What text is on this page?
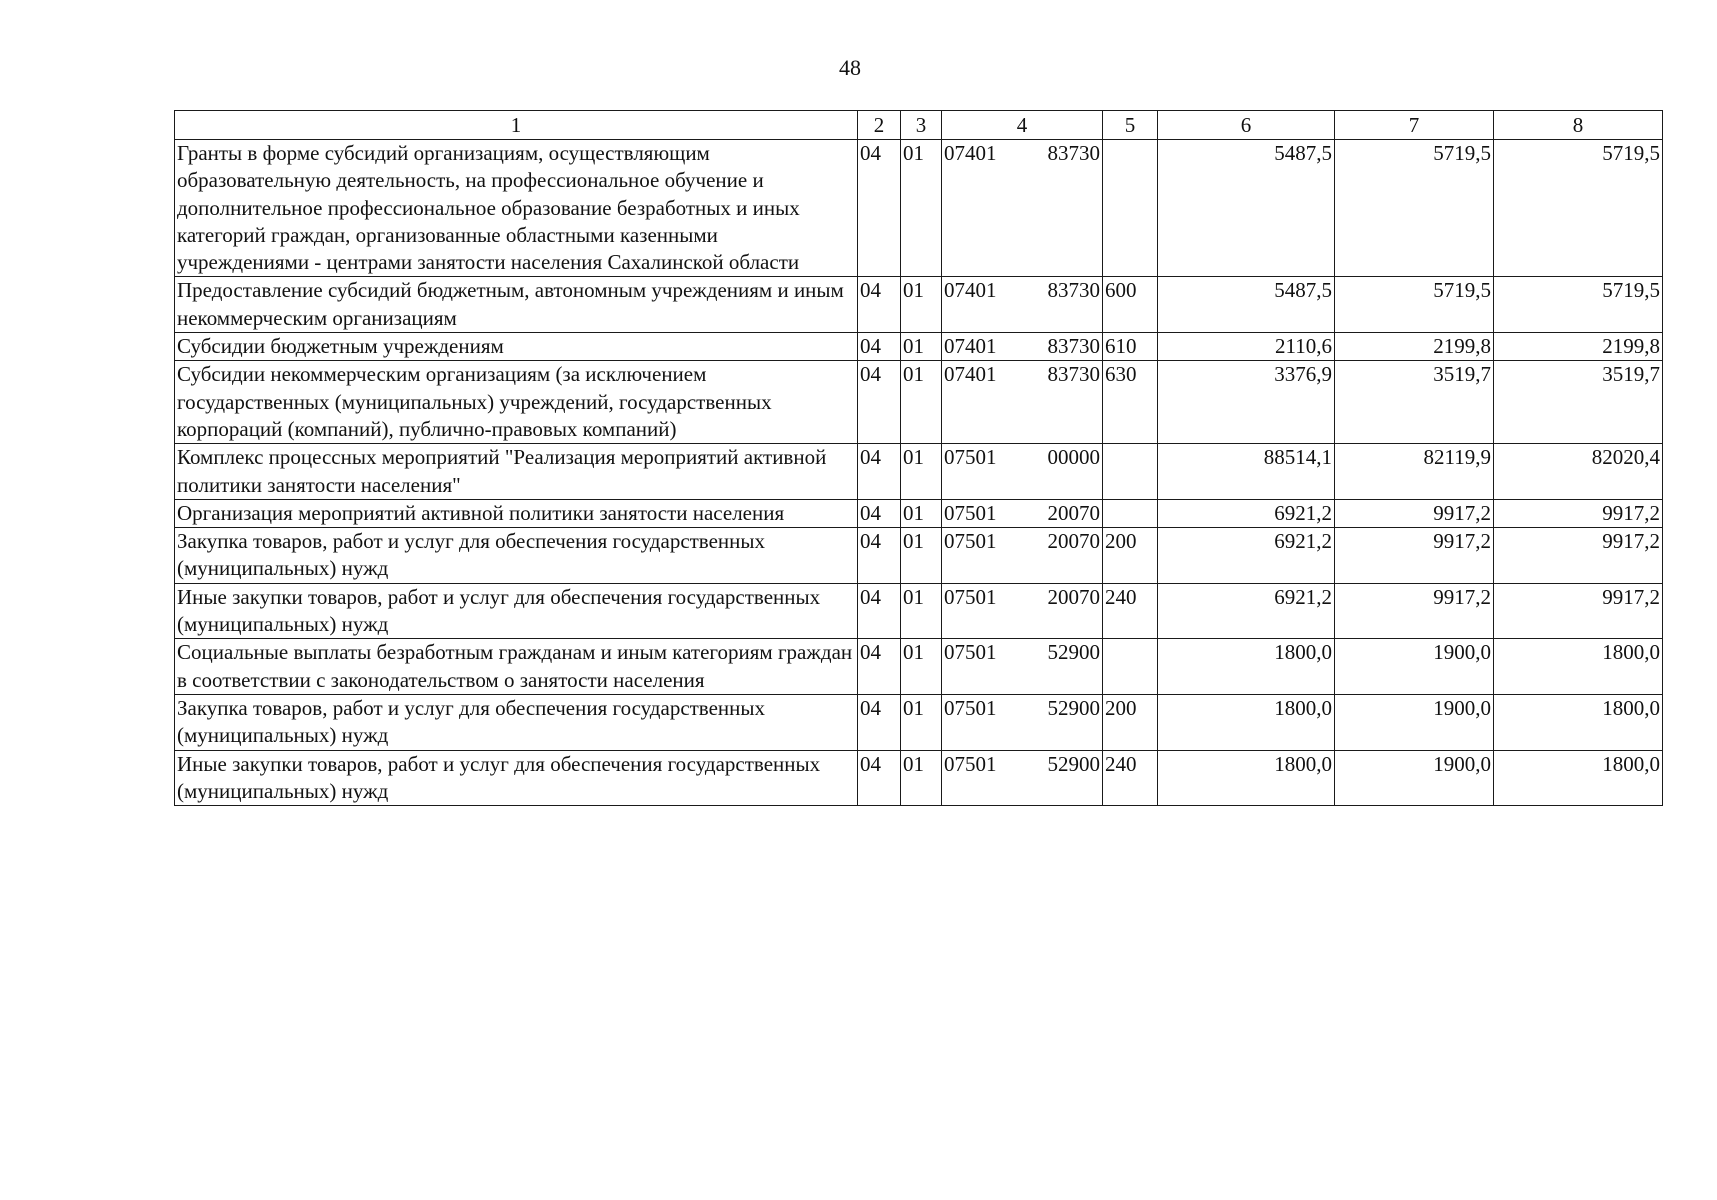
48
1	2	3	4	5	6	7	8
Гранты в форме субсидий организациям, осуществляющим образовательную деятельность, на профессиональное обучение и дополнительное профессиональное образование безработных и иных категорий граждан, организованные областными казенными учреждениями - центрами занятости населения Сахалинской области	04	01	07401 83730		5487,5	5719,5	5719,5
Предоставление субсидий бюджетным, автономным учреждениям и иным некоммерческим организациям	04	01	07401 83730	600	5487,5	5719,5	5719,5
Субсидии бюджетным учреждениям	04	01	07401 83730	610	2110,6	2199,8	2199,8
Субсидии некоммерческим организациям (за исключением государственных (муниципальных) учреждений, государственных корпораций (компаний), публично-правовых компаний)	04	01	07401 83730	630	3376,9	3519,7	3519,7
Комплекс процессных мероприятий "Реализация мероприятий активной политики занятости населения"	04	01	07501 00000		88514,1	82119,9	82020,4
Организация мероприятий активной политики занятости населения	04	01	07501 20070		6921,2	9917,2	9917,2
Закупка товаров, работ и услуг для обеспечения государственных (муниципальных) нужд	04	01	07501 20070	200	6921,2	9917,2	9917,2
Иные закупки товаров, работ и услуг для обеспечения государственных (муниципальных) нужд	04	01	07501 20070	240	6921,2	9917,2	9917,2
Социальные выплаты безработным гражданам и иным категориям граждан в соответствии с законодательством о занятости населения	04	01	07501 52900		1800,0	1900,0	1800,0
Закупка товаров, работ и услуг для обеспечения государственных (муниципальных) нужд	04	01	07501 52900	200	1800,0	1900,0	1800,0
Иные закупки товаров, работ и услуг для обеспечения государственных (муниципальных) нужд	04	01	07501 52900	240	1800,0	1900,0	1800,0
